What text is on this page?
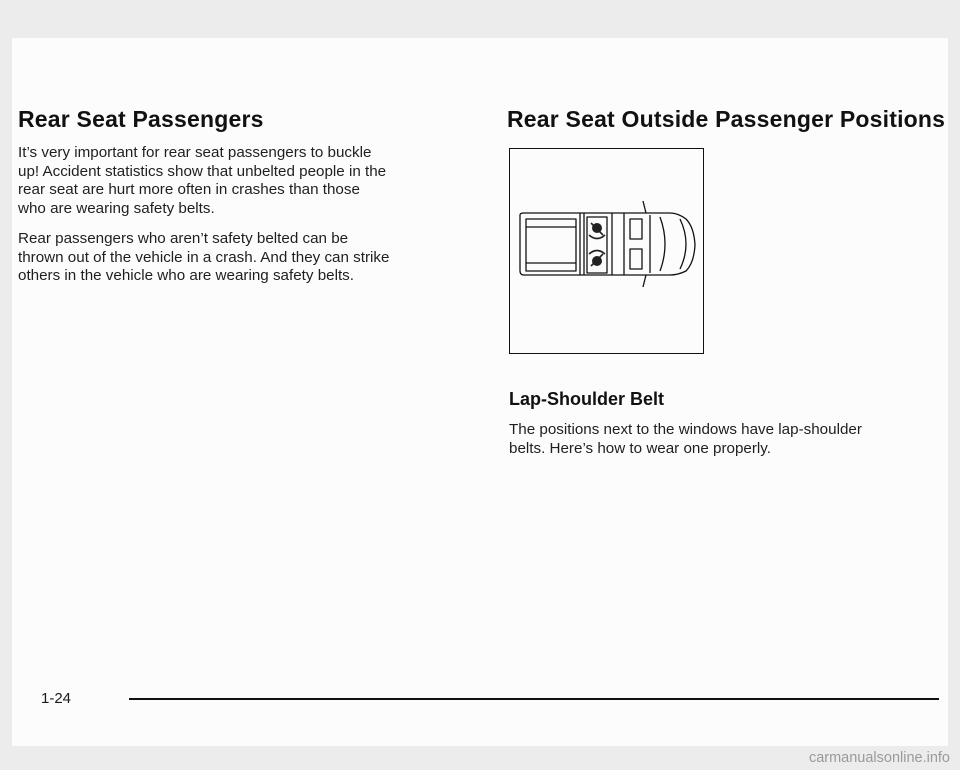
Rear Seat Passengers

It’s very important for rear seat passengers to buckle
up! Accident statistics show that unbelted people in the
rear seat are hurt more often in crashes than those
who are wearing safety belts.

Rear passengers who aren’t safety belted can be
thrown out of the vehicle in a crash. And they can strike
others in the vehicle who are wearing safety belts.

Rear Seat Outside Passenger Positions
Lap-Shoulder Belt

The positions next to the windows have lap-shoulder
belts. Here’s how to wear one properly.

1-24

carmanualsonline.info
